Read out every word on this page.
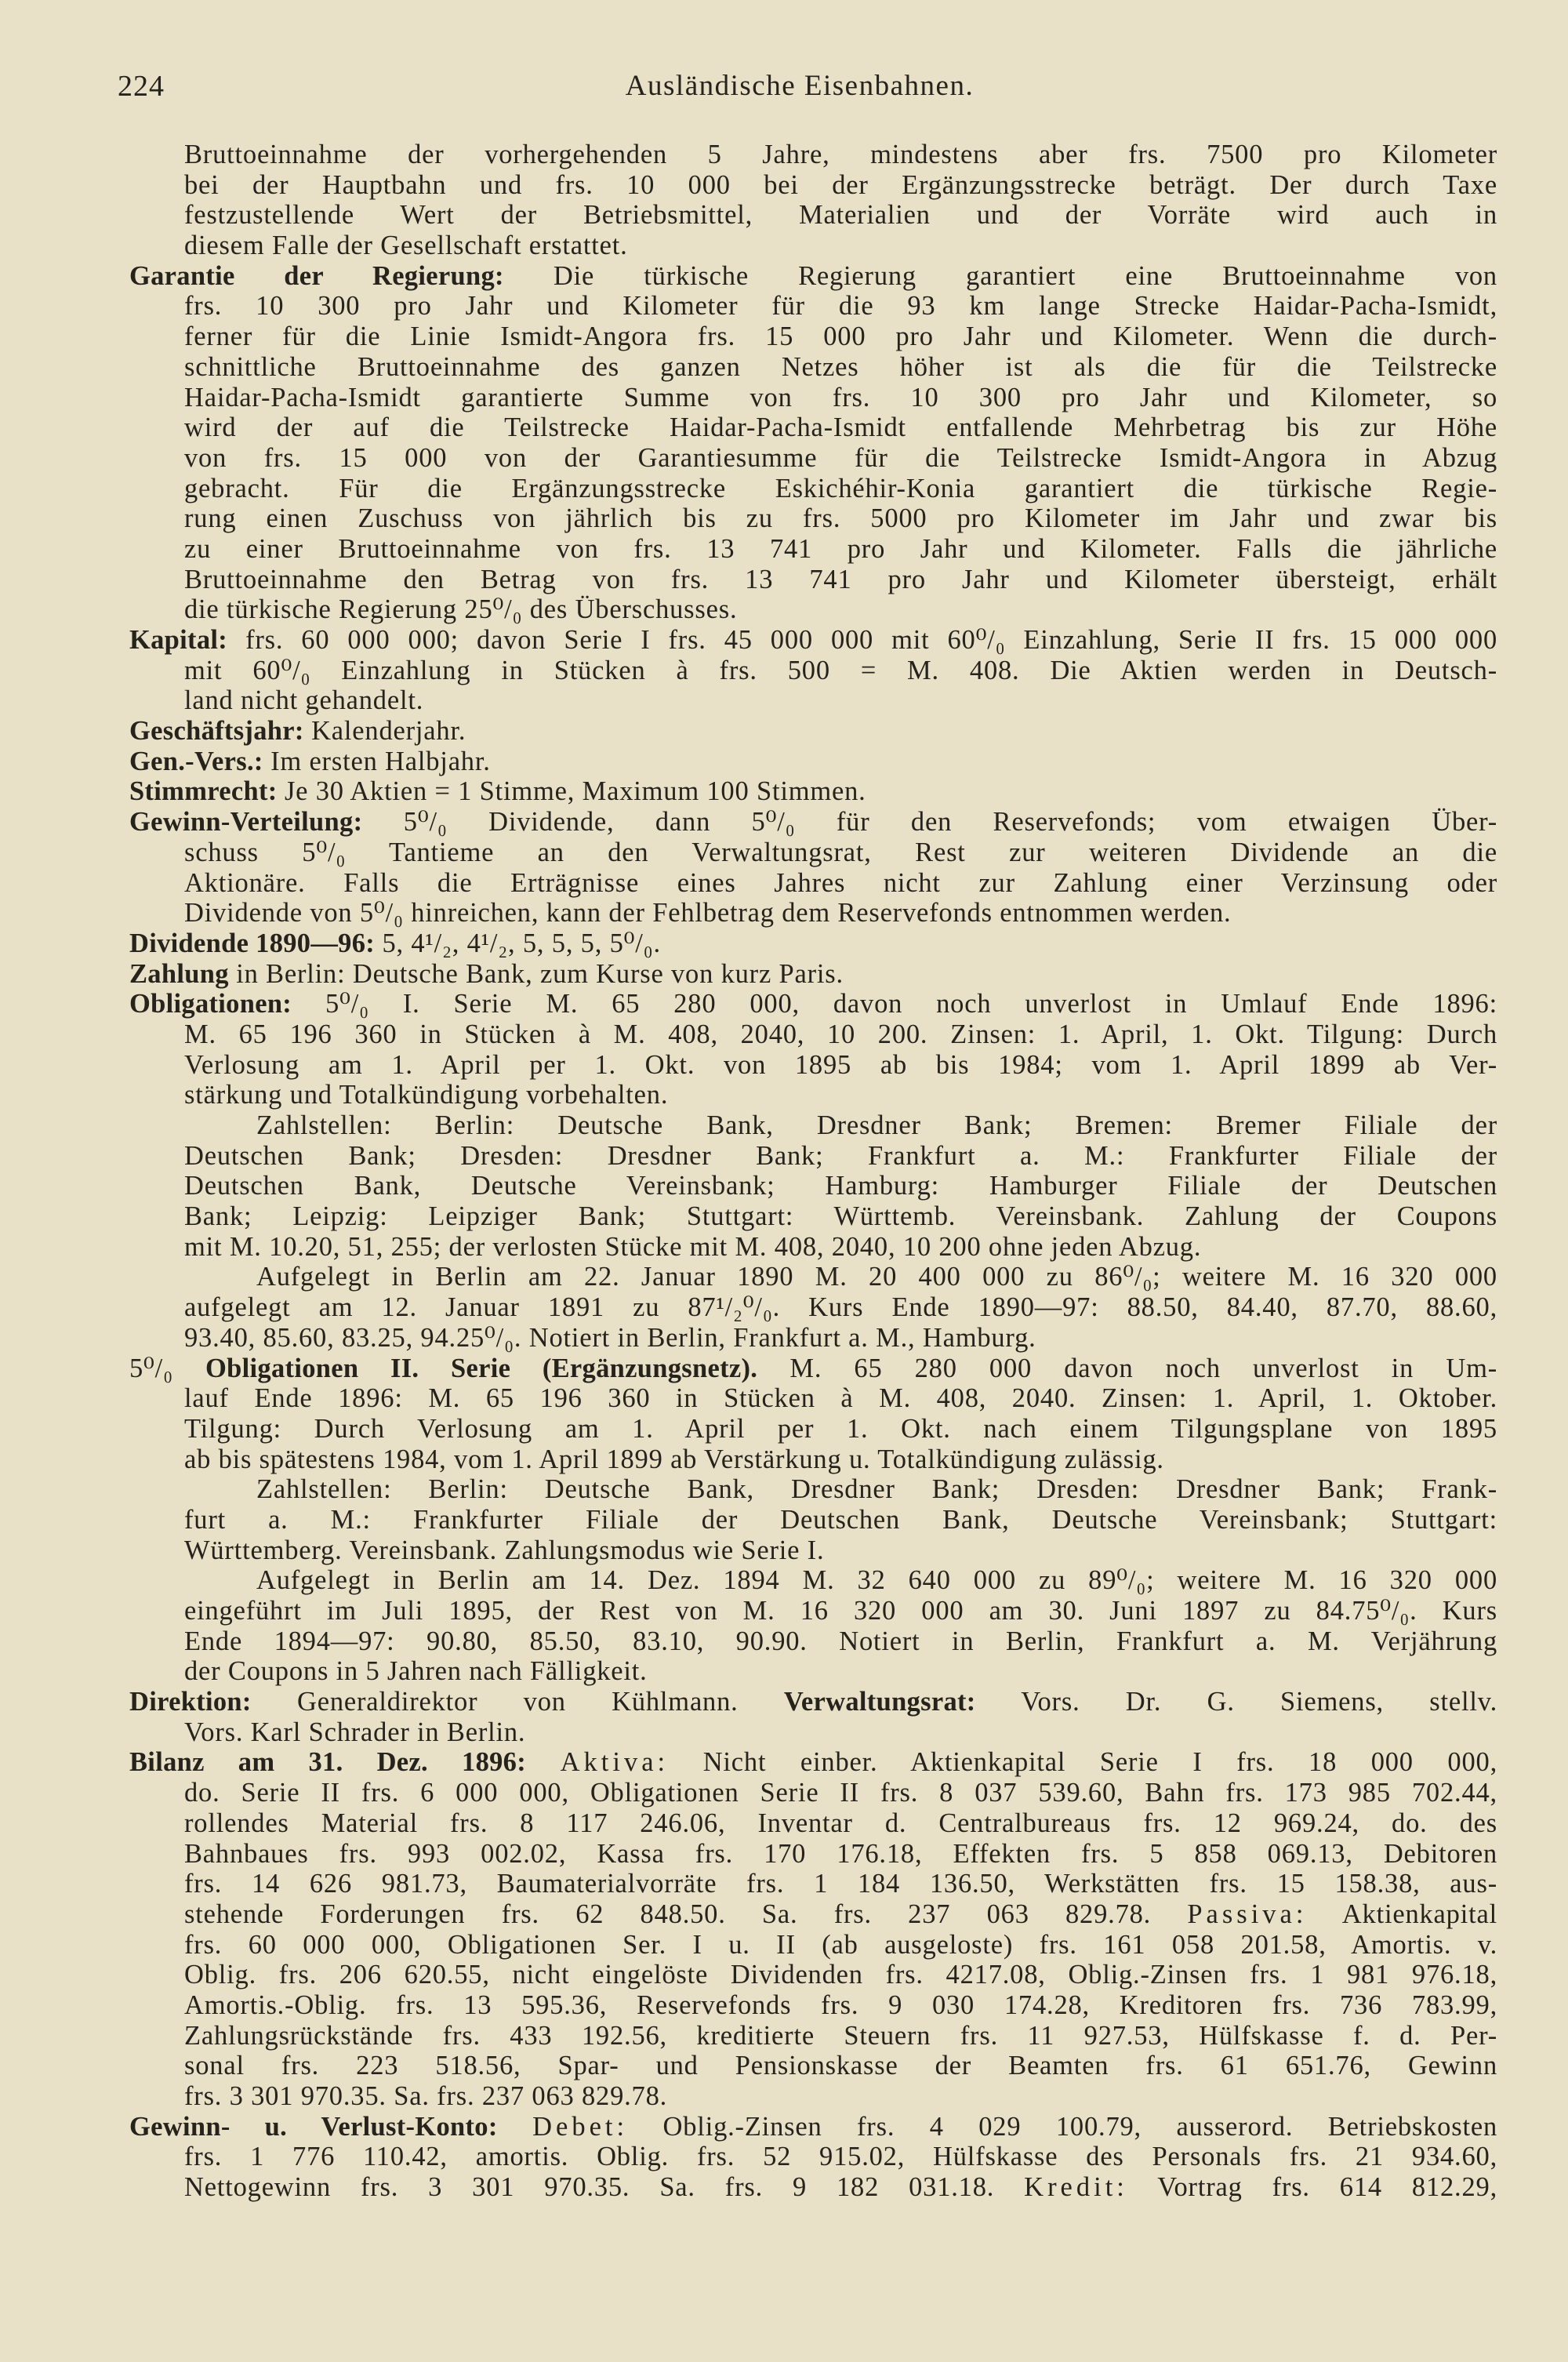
224	Ausländische Eisenbahnen.
Bruttoeinnahme der vorhergehenden 5 Jahre, mindestens aber frs. 7500 pro Kilometer
bei der Hauptbahn und frs. 10 000 bei der Ergänzungsstrecke beträgt. Der durch Taxe
festzustellende Wert der Betriebsmittel, Materialien und der Vorräte wird auch in
diesem Falle der Gesellschaft erstattet.
Garantie der Regierung: Die türkische Regierung garantiert eine Bruttoeinnahme von
frs. 10 300 pro Jahr und Kilometer für die 93 km lange Strecke Haidar-Pacha-Ismidt,
ferner für die Linie Ismidt-Angora frs. 15 000 pro Jahr und Kilometer. Wenn die durch-
schnittliche Bruttoeinnahme des ganzen Netzes höher ist als die für die Teilstrecke
Haidar-Pacha-Ismidt garantierte Summe von frs. 10 300 pro Jahr und Kilometer, so
wird der auf die Teilstrecke Haidar-Pacha-Ismidt entfallende Mehrbetrag bis zur Höhe
von frs. 15 000 von der Garantiesumme für die Teilstrecke Ismidt-Angora in Abzug
gebracht. Für die Ergänzungsstrecke Eskichéhir-Konia garantiert die türkische Regie-
rung einen Zuschuss von jährlich bis zu frs. 5000 pro Kilometer im Jahr und zwar bis
zu einer Bruttoeinnahme von frs. 13 741 pro Jahr und Kilometer. Falls die jährliche
Bruttoeinnahme den Betrag von frs. 13 741 pro Jahr und Kilometer übersteigt, erhält
die türkische Regierung 25⁰/₀ des Überschusses.
Kapital: frs. 60 000 000; davon Serie I frs. 45 000 000 mit 60⁰/₀ Einzahlung, Serie II frs. 15 000 000
mit 60⁰/₀ Einzahlung in Stücken à frs. 500 = M. 408. Die Aktien werden in Deutsch-
land nicht gehandelt.
Geschäftsjahr: Kalenderjahr.
Gen.-Vers.: Im ersten Halbjahr.
Stimmrecht: Je 30 Aktien = 1 Stimme, Maximum 100 Stimmen.
Gewinn-Verteilung: 5⁰/₀ Dividende, dann 5⁰/₀ für den Reservefonds; vom etwaigen Über-
schuss 5⁰/₀ Tantieme an den Verwaltungsrat, Rest zur weiteren Dividende an die
Aktionäre. Falls die Erträgnisse eines Jahres nicht zur Zahlung einer Verzinsung oder
Dividende von 5⁰/₀ hinreichen, kann der Fehlbetrag dem Reservefonds entnommen werden.
Dividende 1890—96: 5, 4¹/₂, 4¹/₂, 5, 5, 5, 5⁰/₀.
Zahlung in Berlin: Deutsche Bank, zum Kurse von kurz Paris.
Obligationen: 5⁰/₀ I. Serie M. 65 280 000, davon noch unverlost in Umlauf Ende 1896:
M. 65 196 360 in Stücken à M. 408, 2040, 10 200. Zinsen: 1. April, 1. Okt. Tilgung: Durch
Verlosung am 1. April per 1. Okt. von 1895 ab bis 1984; vom 1. April 1899 ab Ver-
stärkung und Totalkündigung vorbehalten.
Zahlstellen: Berlin: Deutsche Bank, Dresdner Bank; Bremen: Bremer Filiale der
Deutschen Bank; Dresden: Dresdner Bank; Frankfurt a. M.: Frankfurter Filiale der
Deutschen Bank, Deutsche Vereinsbank; Hamburg: Hamburger Filiale der Deutschen
Bank; Leipzig: Leipziger Bank; Stuttgart: Württemb. Vereinsbank. Zahlung der Coupons
mit M. 10.20, 51, 255; der verlosten Stücke mit M. 408, 2040, 10 200 ohne jeden Abzug.
Aufgelegt in Berlin am 22. Januar 1890 M. 20 400 000 zu 86⁰/₀; weitere M. 16 320 000
aufgelegt am 12. Januar 1891 zu 87¹/₂⁰/₀. Kurs Ende 1890—97: 88.50, 84.40, 87.70, 88.60,
93.40, 85.60, 83.25, 94.25⁰/₀. Notiert in Berlin, Frankfurt a. M., Hamburg.
5⁰/₀ Obligationen II. Serie (Ergänzungsnetz). M. 65 280 000 davon noch unverlost in Um-
lauf Ende 1896: M. 65 196 360 in Stücken à M. 408, 2040. Zinsen: 1. April, 1. Oktober.
Tilgung: Durch Verlosung am 1. April per 1. Okt. nach einem Tilgungsplane von 1895
ab bis spätestens 1984, vom 1. April 1899 ab Verstärkung u. Totalkündigung zulässig.
Zahlstellen: Berlin: Deutsche Bank, Dresdner Bank; Dresden: Dresdner Bank; Frank-
furt a. M.: Frankfurter Filiale der Deutschen Bank, Deutsche Vereinsbank; Stuttgart:
Württemberg. Vereinsbank. Zahlungsmodus wie Serie I.
Aufgelegt in Berlin am 14. Dez. 1894 M. 32 640 000 zu 89⁰/₀; weitere M. 16 320 000
eingeführt im Juli 1895, der Rest von M. 16 320 000 am 30. Juni 1897 zu 84.75⁰/₀. Kurs
Ende 1894—97: 90.80, 85.50, 83.10, 90.90. Notiert in Berlin, Frankfurt a. M. Verjährung
der Coupons in 5 Jahren nach Fälligkeit.
Direktion: Generaldirektor von Kühlmann. Verwaltungsrat: Vors. Dr. G. Siemens, stellv.
Vors. Karl Schrader in Berlin.
Bilanz am 31. Dez. 1896: Aktiva: Nicht einber. Aktienkapital Serie I frs. 18 000 000,
do. Serie II frs. 6 000 000, Obligationen Serie II frs. 8 037 539.60, Bahn frs. 173 985 702.44,
rollendes Material frs. 8 117 246.06, Inventar d. Centralbureaus frs. 12 969.24, do. des
Bahnbaues frs. 993 002.02, Kassa frs. 170 176.18, Effekten frs. 5 858 069.13, Debitoren
frs. 14 626 981.73, Baumaterialvorräte frs. 1 184 136.50, Werkstätten frs. 15 158.38, aus-
stehende Forderungen frs. 62 848.50. Sa. frs. 237 063 829.78. Passiva: Aktienkapital
frs. 60 000 000, Obligationen Ser. I u. II (ab ausgeloste) frs. 161 058 201.58, Amortis. v.
Oblig. frs. 206 620.55, nicht eingelöste Dividenden frs. 4217.08, Oblig.-Zinsen frs. 1 981 976.18,
Amortis.-Oblig. frs. 13 595.36, Reservefonds frs. 9 030 174.28, Kreditoren frs. 736 783.99,
Zahlungsrückstände frs. 433 192.56, kreditierte Steuern frs. 11 927.53, Hülfskasse f. d. Per-
sonal frs. 223 518.56, Spar- und Pensionskasse der Beamten frs. 61 651.76, Gewinn
frs. 3 301 970.35. Sa. frs. 237 063 829.78.
Gewinn- u. Verlust-Konto: Debet: Oblig.-Zinsen frs. 4 029 100.79, ausserord. Betriebskosten
frs. 1 776 110.42, amortis. Oblig. frs. 52 915.02, Hülfskasse des Personals frs. 21 934.60,
Nettogewinn frs. 3 301 970.35. Sa. frs. 9 182 031.18. Kredit: Vortrag frs. 614 812.29,
